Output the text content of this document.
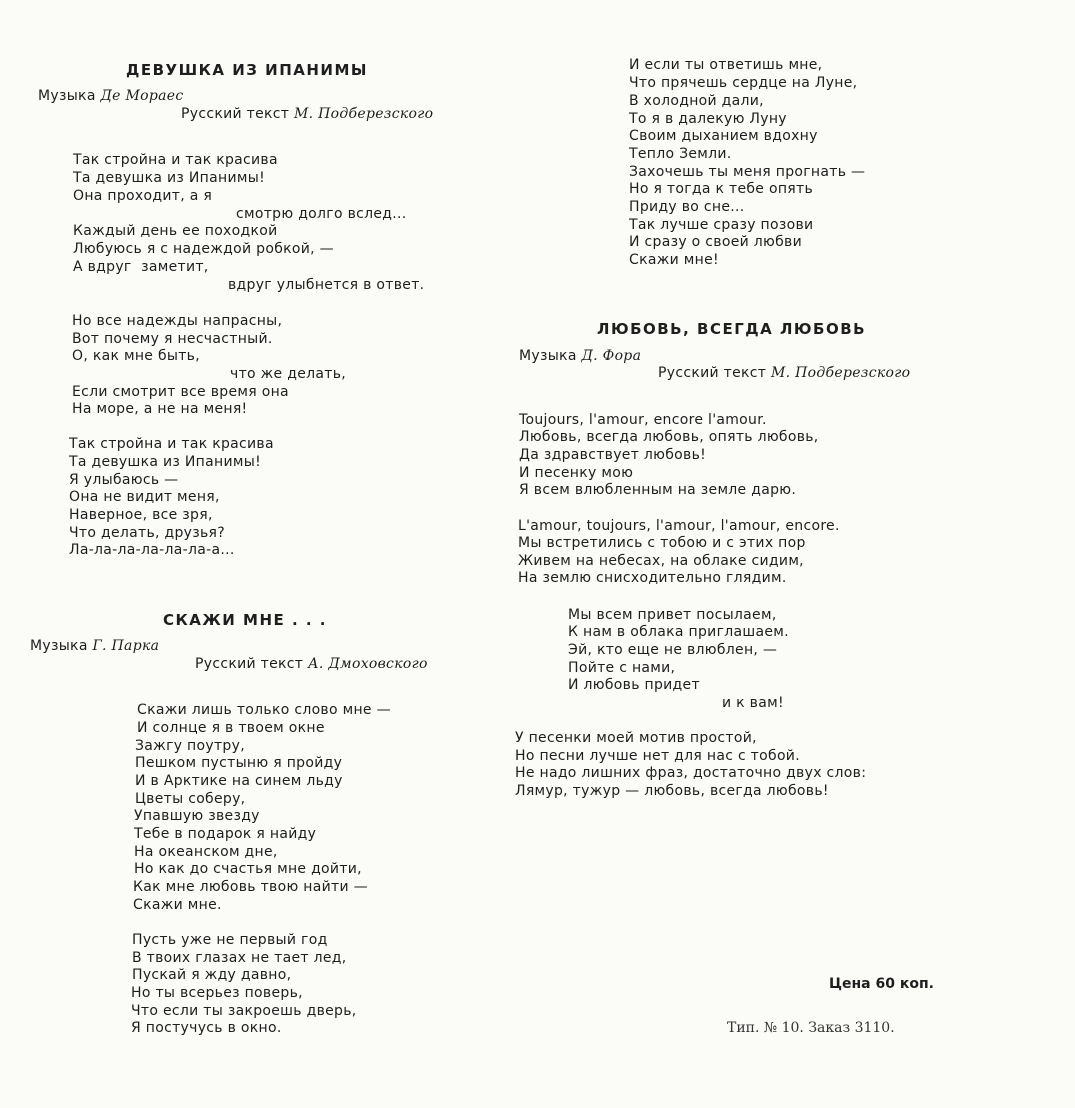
ДЕВУШКА ИЗ ИПАНИМЫ
Музыка Де Мораес
Русский текст М. Подберезского
Так стройна и так красива
Та девушка из Ипанимы!
Она проходит, а я
смотрю долго вслед...
Каждый день ее походкой
Любуюсь я с надеждой робкой, —
А вдруг  заметит,
вдруг улыбнется в ответ.
Но все надежды напрасны,
Вот почему я несчастный.
О, как мне быть,
что же делать,
Если смотрит все время она
На море, а не на меня!
Так стройна и так красива
Та девушка из Ипанимы!
Я улыбаюсь —
Она не видит меня,
Наверное, все зря,
Что делать, друзья?
Ла-ла-ла-ла-ла-ла-а...
СКАЖИ МНЕ . . .
Музыка Г. Парка
Русский текст А. Дмоховского
Скажи лишь только слово мне —
И солнце я в твоем окне
Зажгу поутру,
Пешком пустыню я пройду
И в Арктике на синем льду
Цветы соберу,
Упавшую звезду
Тебе в подарок я найду
На океанском дне,
Но как до счастья мне дойти,
Как мне любовь твою найти —
Скажи мне.
Пусть уже не первый год
В твоих глазах не тает лед,
Пускай я жду давно,
Но ты всерьез поверь,
Что если ты закроешь дверь,
Я постучусь в окно.
И если ты ответишь мне,
Что прячешь сердце на Луне,
В холодной дали,
То я в далекую Луну
Своим дыханием вдохну
Тепло Земли.
Захочешь ты меня прогнать —
Но я тогда к тебе опять
Приду во сне...
Так лучше сразу позови
И сразу о своей любви
Скажи мне!
ЛЮБОВЬ, ВСЕГДА ЛЮБОВЬ
Музыка Д. Фора
Русский текст М. Подберезского
Toujours, l'amour, encore l'amour.
Любовь, всегда любовь, опять любовь,
Да здравствует любовь!
И песенку мою
Я всем влюбленным на земле дарю.
L'amour, toujours, l'amour, l'amour, encore.
Мы встретились с тобою и с этих пор
Живем на небесах, на облаке сидим,
На землю снисходительно глядим.
Мы всем привет посылаем,
К нам в облака приглашаем.
Эй, кто еще не влюблен, —
Пойте с нами,
И любовь придет
и к вам!
У песенки моей мотив простой,
Но песни лучше нет для нас с тобой.
Не надо лишних фраз, достаточно двух слов:
Лямур, тужур — любовь, всегда любовь!
Цена 60 коп.
Тип. № 10. Заказ 3110.
